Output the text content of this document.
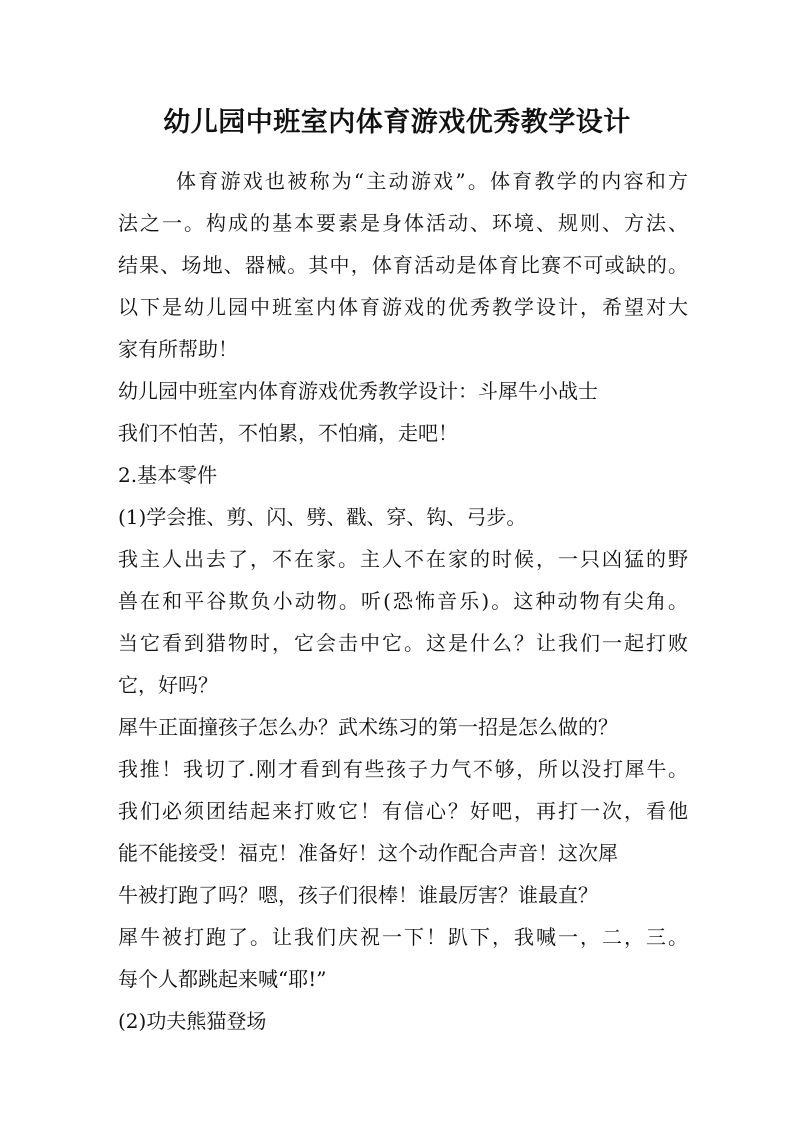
幼儿园中班室内体育游戏优秀教学设计
体育游戏也被称为“主动游戏”。体育教学的内容和方
法之一。构成的基本要素是身体活动、环境、规则、方法、
结果、场地、器械。其中，体育活动是体育比赛不可或缺的。
以下是幼儿园中班室内体育游戏的优秀教学设计，希望对大
家有所帮助！
幼儿园中班室内体育游戏优秀教学设计：斗犀牛小战士
我们不怕苦，不怕累，不怕痛，走吧！
2.基本零件
(1)学会推、剪、闪、劈、戳、穿、钩、弓步。
我主人出去了，不在家。主人不在家的时候，一只凶猛的野
兽在和平谷欺负小动物。听(恐怖音乐)。这种动物有尖角。
当它看到猎物时，它会击中它。这是什么？让我们一起打败
它，好吗？
犀牛正面撞孩子怎么办？武术练习的第一招是怎么做的？
我推！我切了.刚才看到有些孩子力气不够，所以没打犀牛。
我们必须团结起来打败它！有信心？好吧，再打一次，看他
能不能接受！福克！准备好！这个动作配合声音！这次犀
牛被打跑了吗？嗯，孩子们很棒！谁最厉害？谁最直？
犀牛被打跑了。让我们庆祝一下！趴下，我喊一，二，三。
每个人都跳起来喊“耶!”
(2)功夫熊猫登场
